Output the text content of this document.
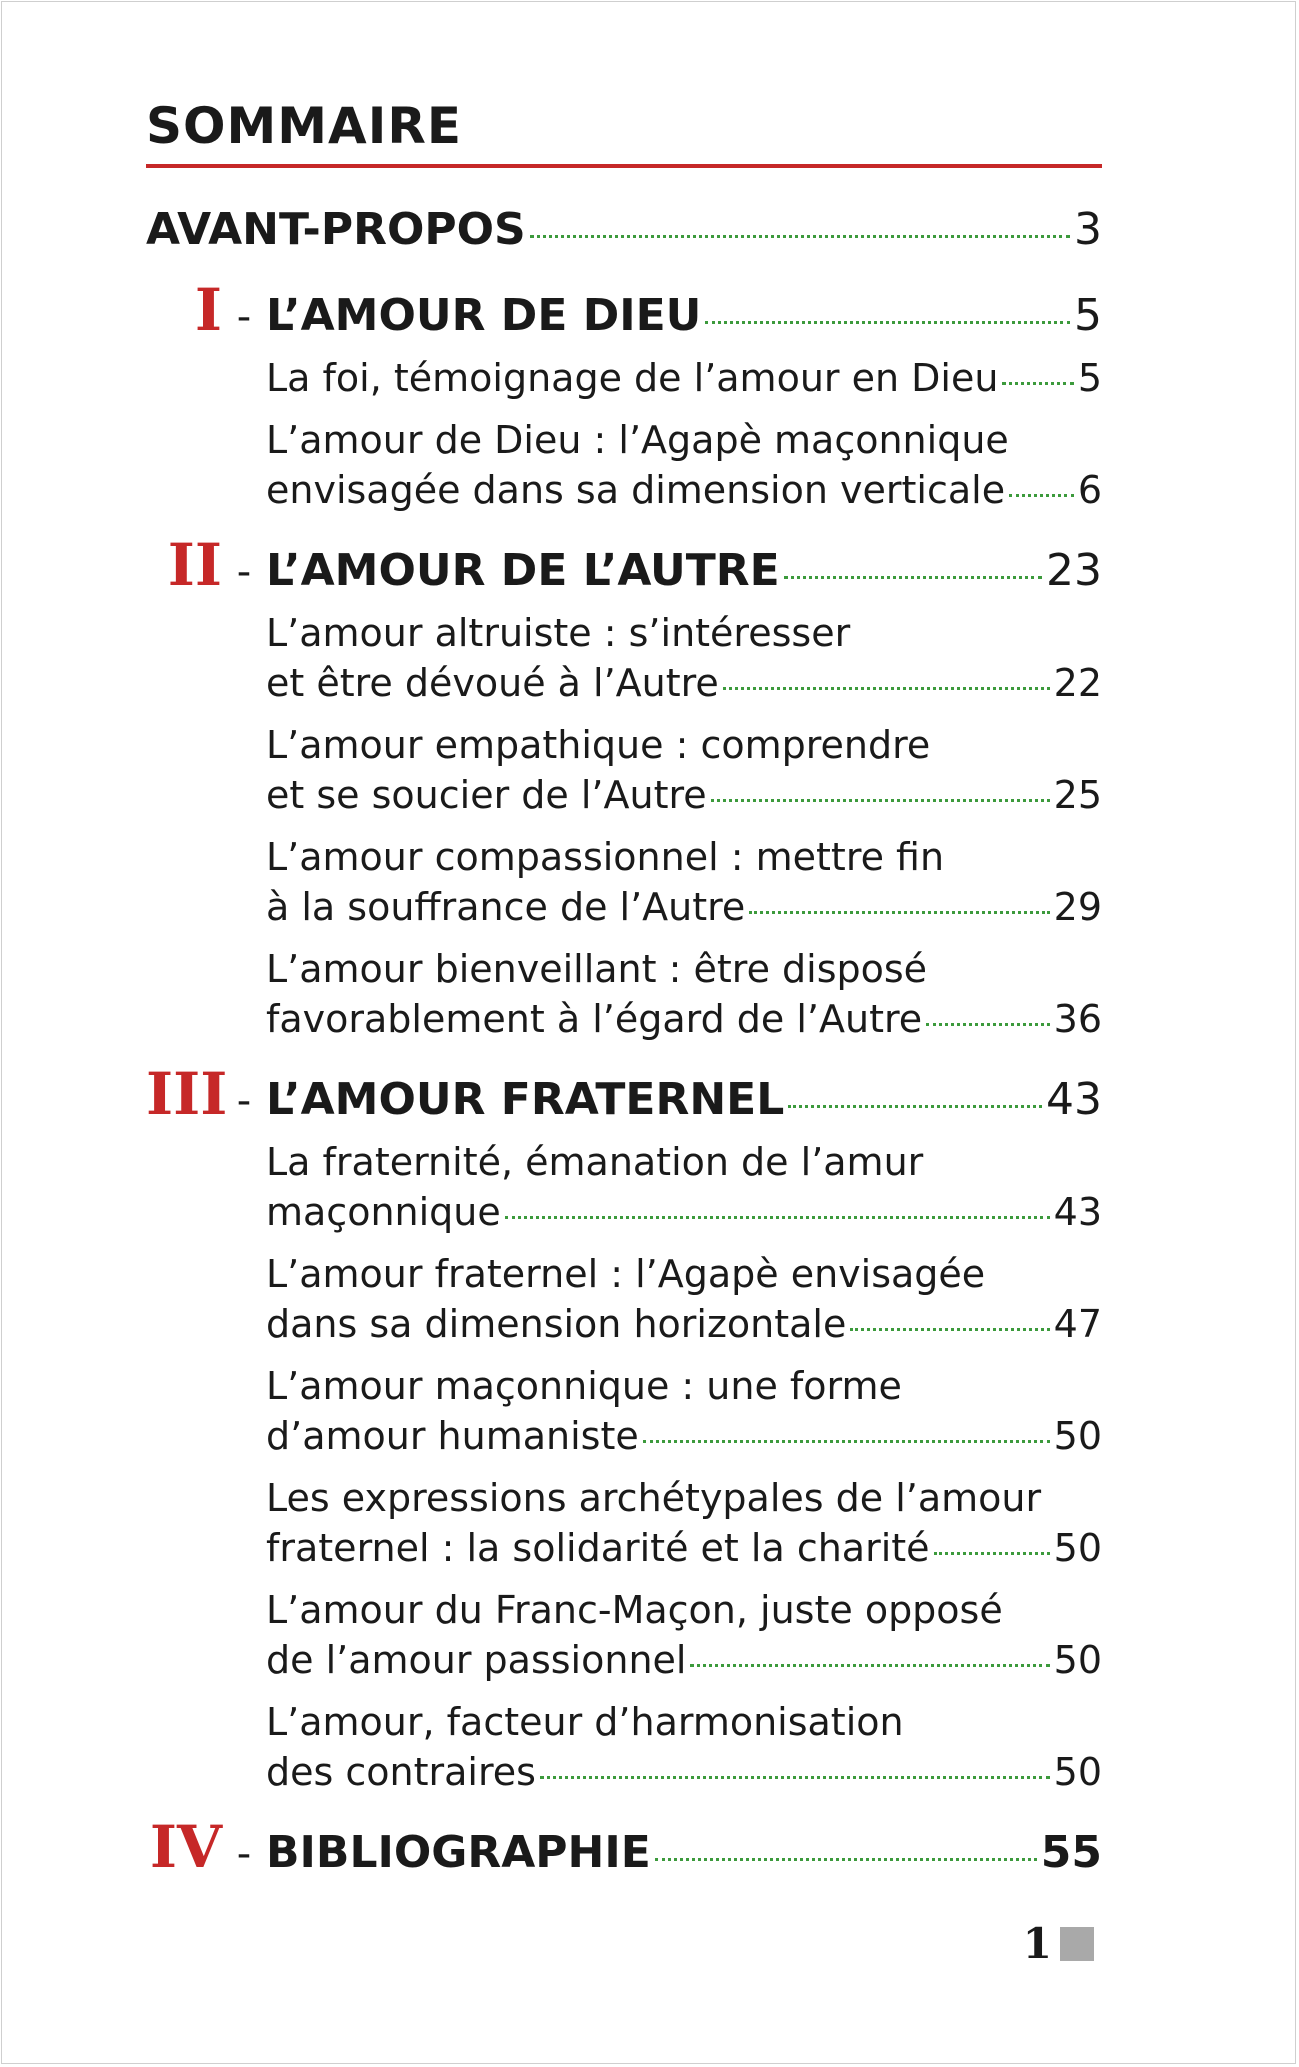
SOMMAIRE
AVANT-PROPOS	3
I - L’AMOUR DE DIEU	5
La foi, témoignage de l’amour en Dieu 5
L’amour de Dieu : l’Agapè maçonnique
envisagée dans sa dimension verticale 6
II - L’AMOUR DE L’AUTRE	23
L’amour altruiste : s’intéresser
et être dévoué à l’Autre	22
L’amour empathique : comprendre
et se soucier de l’Autre	25
L’amour compassionnel : mettre fin
à la souffrance de l’Autre	29
L’amour bienveillant : être disposé
favorablement à l’égard de l’Autre	36
III - L’AMOUR FRATERNEL	43
La fraternité, émanation de l’amur
maçonnique	43
L’amour fraternel : l’Agapè envisagée
dans sa dimension horizontale	47
L’amour maçonnique : une forme
d’amour humaniste	50
Les expressions archétypales de l’amour
fraternel : la solidarité et la charité	50
L’amour du Franc-Maçon, juste opposé
de l’amour passionnel	50
L’amour, facteur d’harmonisation
des contraires	50
IV - BIBLIOGRAPHIE	55
1
